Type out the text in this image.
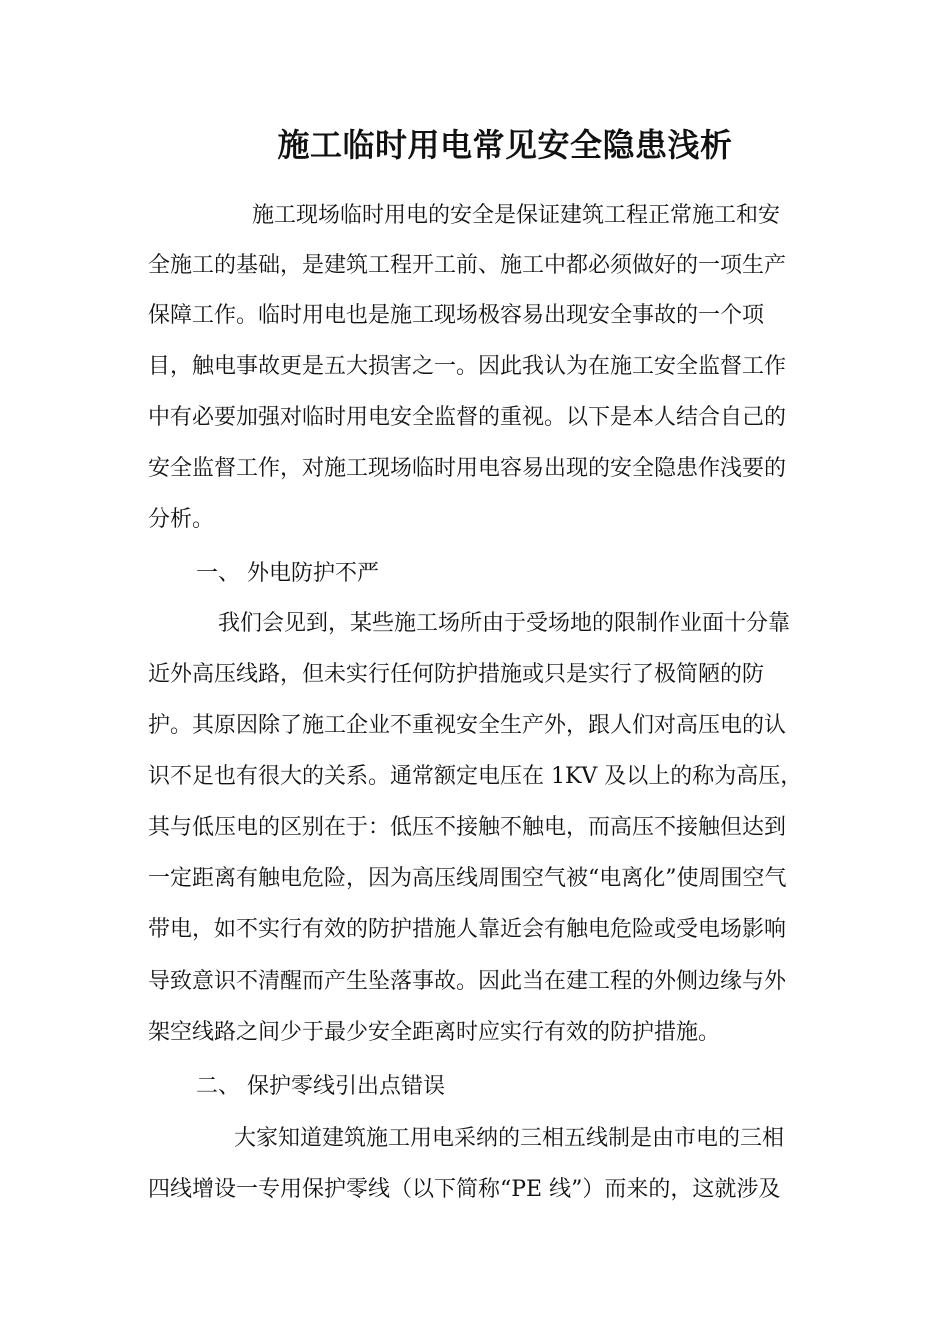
施工临时用电常见安全隐患浅析

施工现场临时用电的安全是保证建筑工程正常施工和安

全施工的基础，是建筑工程开工前、施工中都必须做好的一项生产

保障工作。临时用电也是施工现场极容易出现安全事故的一个项

目，触电事故更是五大损害之一。因此我认为在施工安全监督工作

中有必要加强对临时用电安全监督的重视。以下是本人结合自己的

安全监督工作，对施工现场临时用电容易出现的安全隐患作浅要的

分析。

一、 外电防护不严

我们会见到，某些施工场所由于受场地的限制作业面十分靠

近外高压线路，但未实行任何防护措施或只是实行了极简陋的防

护。其原因除了施工企业不重视安全生产外，跟人们对高压电的认

识不足也有很大的关系。通常额定电压在 1KV 及以上的称为高压，

其与低压电的区别在于：低压不接触不触电，而高压不接触但达到

一定距离有触电危险，因为高压线周围空气被“电离化”使周围空气

带电，如不实行有效的防护措施人靠近会有触电危险或受电场影响

导致意识不清醒而产生坠落事故。因此当在建工程的外侧边缘与外

架空线路之间少于最少安全距离时应实行有效的防护措施。

二、 保护零线引出点错误

大家知道建筑施工用电采纳的三相五线制是由市电的三相

四线增设一专用保护零线（以下简称“PE 线”）而来的，这就涉及
